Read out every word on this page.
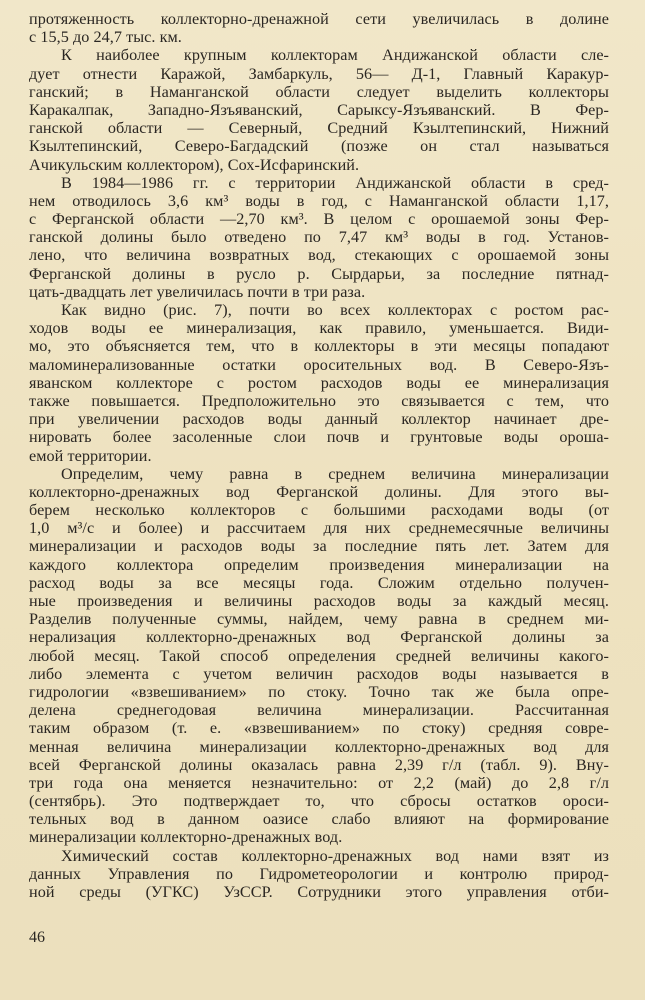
протяженность коллекторно-дренажной сети увеличилась в долине
с 15,5 до 24,7 тыс. км.
К наиболее крупным коллекторам Андижанской области сле-
дует отнести Каражой, Замбаркуль, 56— Д-1, Главный Каракур-
ганский; в Наманганской области следует выделить коллекторы
Каракалпак, Западно-Язъяванский, Сарыксу-Язъяванский. В Фер-
ганской области — Северный, Средний Кзылтепинский, Нижний
Кзылтепинский, Северо-Багдадский (позже он стал называться
Ачикульским коллектором), Сох-Исфаринский.
В 1984—1986 гг. с территории Андижанской области в сред-
нем отводилось 3,6 км³ воды в год, с Наманганской области 1,17,
с Ферганской области —2,70 км³. В целом с орошаемой зоны Фер-
ганской долины было отведено по 7,47 км³ воды в год. Установ-
лено, что величина возвратных вод, стекающих с орошаемой зоны
Ферганской долины в русло р. Сырдарьи, за последние пятнад-
цать-двадцать лет увеличилась почти в три раза.
Как видно (рис. 7), почти во всех коллекторах с ростом рас-
ходов воды ее минерализация, как правило, уменьшается. Види-
мо, это объясняется тем, что в коллекторы в эти месяцы попадают
маломинерализованные остатки оросительных вод. В Северо-Язъ-
яванском коллекторе с ростом расходов воды ее минерализация
также повышается. Предположительно это связывается с тем, что
при увеличении расходов воды данный коллектор начинает дре-
нировать более засоленные слои почв и грунтовые воды ороша-
емой территории.
Определим, чему равна в среднем величина минерализации
коллекторно-дренажных вод Ферганской долины. Для этого вы-
берем несколько коллекторов с большими расходами воды (от
1,0 м³/с и более) и рассчитаем для них среднемесячные величины
минерализации и расходов воды за последние пять лет. Затем для
каждого коллектора определим произведения минерализации на
расход воды за все месяцы года. Сложим отдельно получен-
ные произведения и величины расходов воды за каждый месяц.
Разделив полученные суммы, найдем, чему равна в среднем ми-
нерализация коллекторно-дренажных вод Ферганской долины за
любой месяц. Такой способ определения средней величины какого-
либо элемента с учетом величин расходов воды называется в
гидрологии «взвешиванием» по стоку. Точно так же была опре-
делена среднегодовая величина минерализации. Рассчитанная
таким образом (т. е. «взвешиванием» по стоку) средняя совре-
менная величина минерализации коллекторно-дренажных вод для
всей Ферганской долины оказалась равна 2,39 г/л (табл. 9). Вну-
три года она меняется незначительно: от 2,2 (май) до 2,8 г/л
(сентябрь). Это подтверждает то, что сбросы остатков ороси-
тельных вод в данном оазисе слабо влияют на формирование
минерализации коллекторно-дренажных вод.
Химический состав коллекторно-дренажных вод нами взят из
данных Управления по Гидрометеорологии и контролю природ-
ной среды (УГКС) УзССР. Сотрудники этого управления отби-
46
